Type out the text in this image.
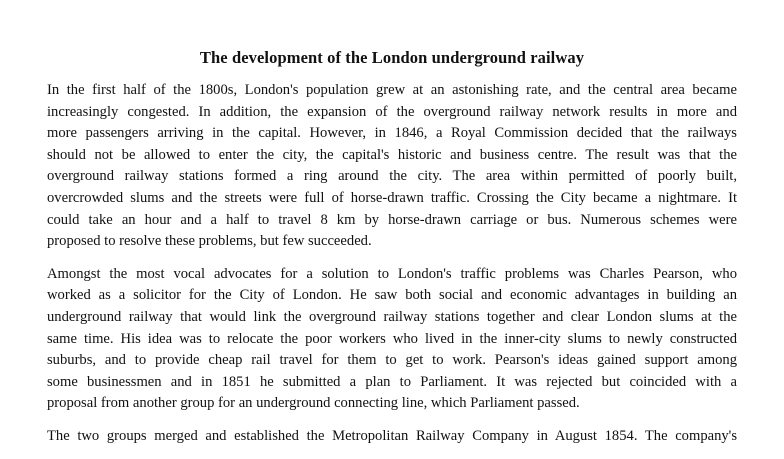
The development of the London underground railway
In the first half of the 1800s, London's population grew at an astonishing rate, and the central area became
increasingly congested. In addition, the expansion of the overground railway network results in more and
more passengers arriving in the capital. However, in 1846, a Royal Commission decided that the railways
should not be allowed to enter the city, the capital's historic and business centre. The result was that the
overground railway stations formed a ring around the city. The area within permitted of poorly built,
overcrowded slums and the streets were full of horse-drawn traffic. Crossing the City became a nightmare. It
could take an hour and a half to travel 8 km by horse-drawn carriage or bus. Numerous schemes were
proposed to resolve these problems, but few succeeded.
Amongst the most vocal advocates for a solution to London's traffic problems was Charles Pearson, who
worked as a solicitor for the City of London. He saw both social and economic advantages in building an
underground railway that would link the overground railway stations together and clear London slums at the
same time. His idea was to relocate the poor workers who lived in the inner-city slums to newly constructed
suburbs, and to provide cheap rail travel for them to get to work. Pearson's ideas gained support among
some businessmen and in 1851 he submitted a plan to Parliament. It was rejected but coincided with a
proposal from another group for an underground connecting line, which Parliament passed.
The two groups merged and established the Metropolitan Railway Company in August 1854. The company's
